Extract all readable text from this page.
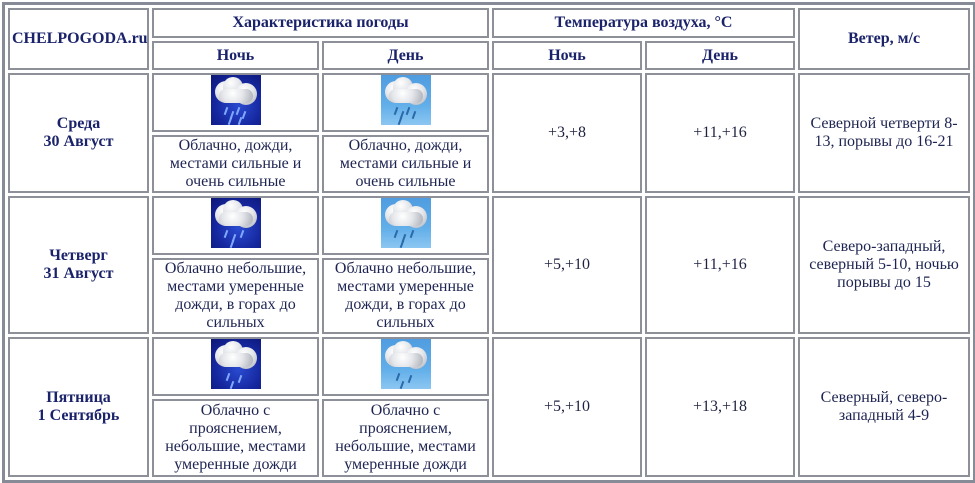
CHELPOGODA.ru	Характеристика погоды		Температура воздуха, °C		Ветер, м/с
	Ночь	День	Ночь	День	
Среда
30 Август			+3,+8	+11,+16	Северной четверти 8-13, порывы до 16-21
	Облачно, дожди, местами сильные и очень сильные	Облачно, дожди, местами сильные и очень сильные			
Четверг
31 Август			+5,+10	+11,+16	Северо-западный, северный 5-10, ночью порывы до 15
	Облачно небольшие, местами умеренные дожди, в горах до сильных	Облачно небольшие, местами умеренные дожди, в горах до сильных			
Пятница
1 Сентябрь			+5,+10	+13,+18	Северный, северо-западный 4-9
	Облачно с прояснением, небольшие, местами умеренные дожди	Облачно с прояснением, небольшие, местами умеренные дожди			
